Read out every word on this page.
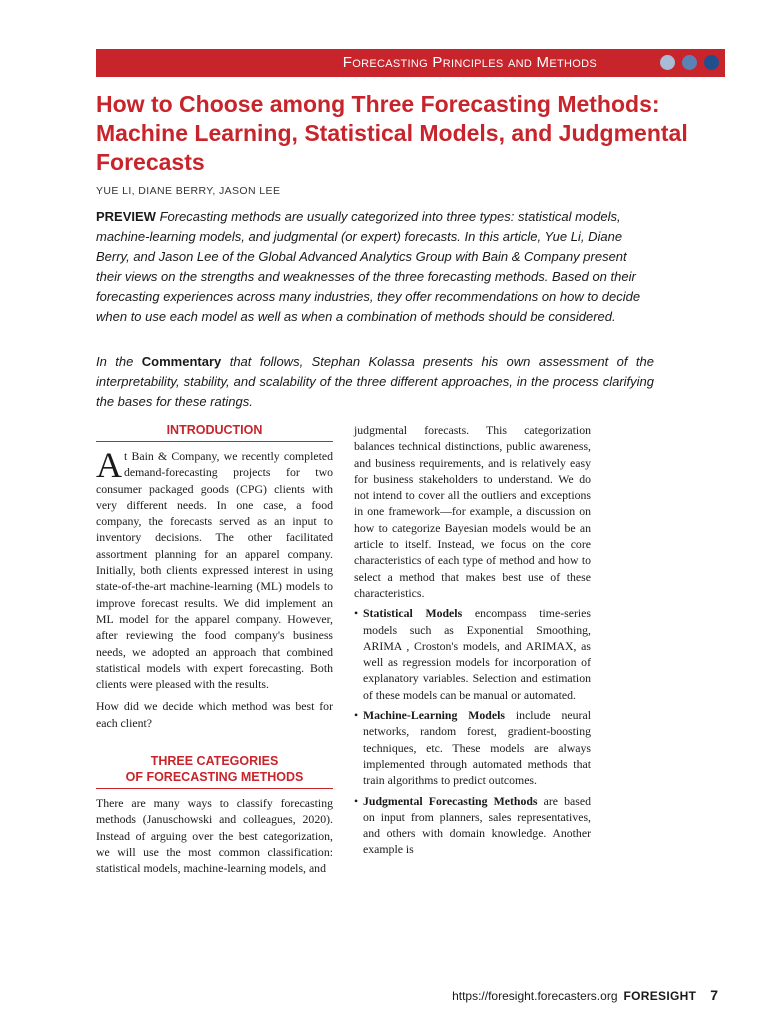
Forecasting Principles and Methods
How to Choose among Three Forecasting Methods: Machine Learning, Statistical Models, and Judgmental Forecasts

YUE LI, DIANE BERRY, JASON LEE

PREVIEW Forecasting methods are usually categorized into three types: statistical models, machine-learning models, and judgmental (or expert) forecasts. In this article, Yue Li, Diane Berry, and Jason Lee of the Global Advanced Analytics Group with Bain & Company present their views on the strengths and weaknesses of the three forecasting methods. Based on their forecasting experiences across many industries, they offer recommendations on how to decide when to use each model as well as when a combination of methods should be considered.

In the Commentary that follows, Stephan Kolassa presents his own assessment of the interpretability, stability, and scalability of the three different approaches, in the process clarifying the bases for these ratings.

INTRODUCTION

At Bain & Company, we recently completed demand-forecasting projects for two consumer packaged goods (CPG) clients with very different needs. In one case, a food company, the forecasts served as an input to inventory decisions. The other facilitated assortment planning for an apparel company. Initially, both clients expressed interest in using state-of-the-art machine-learning (ML) models to improve forecast results. We did implement an ML model for the apparel company. However, after reviewing the food company's business needs, we adopted an approach that combined statistical models with expert forecasting. Both clients were pleased with the results.

How did we decide which method was best for each client?

THREE CATEGORIES
OF FORECASTING METHODS

There are many ways to classify forecasting methods (Januschowski and colleagues, 2020). Instead of arguing over the best categorization, we will use the most common classification: statistical models, machine-learning models, and

judgmental forecasts. This categorization balances technical distinctions, public awareness, and business requirements, and is relatively easy for business stakeholders to understand. We do not intend to cover all the outliers and exceptions in one framework—for example, a discussion on how to categorize Bayesian models would be an article to itself. Instead, we focus on the core characteristics of each type of method and how to select a method that makes best use of these characteristics.

• Statistical Models encompass time-series models such as Exponential Smoothing, ARIMA , Croston's models, and ARIMAX, as well as regression models for incorporation of explanatory variables. Selection and estimation of these models can be manual or automated.
• Machine-Learning Models include neural networks, random forest, gradient-boosting techniques, etc. These models are always implemented through automated methods that train algorithms to predict outcomes.
• Judgmental Forecasting Methods are based on input from planners, sales representatives, and others with domain knowledge. Another example is
https://foresight.forecasters.org FORESIGHT 7
